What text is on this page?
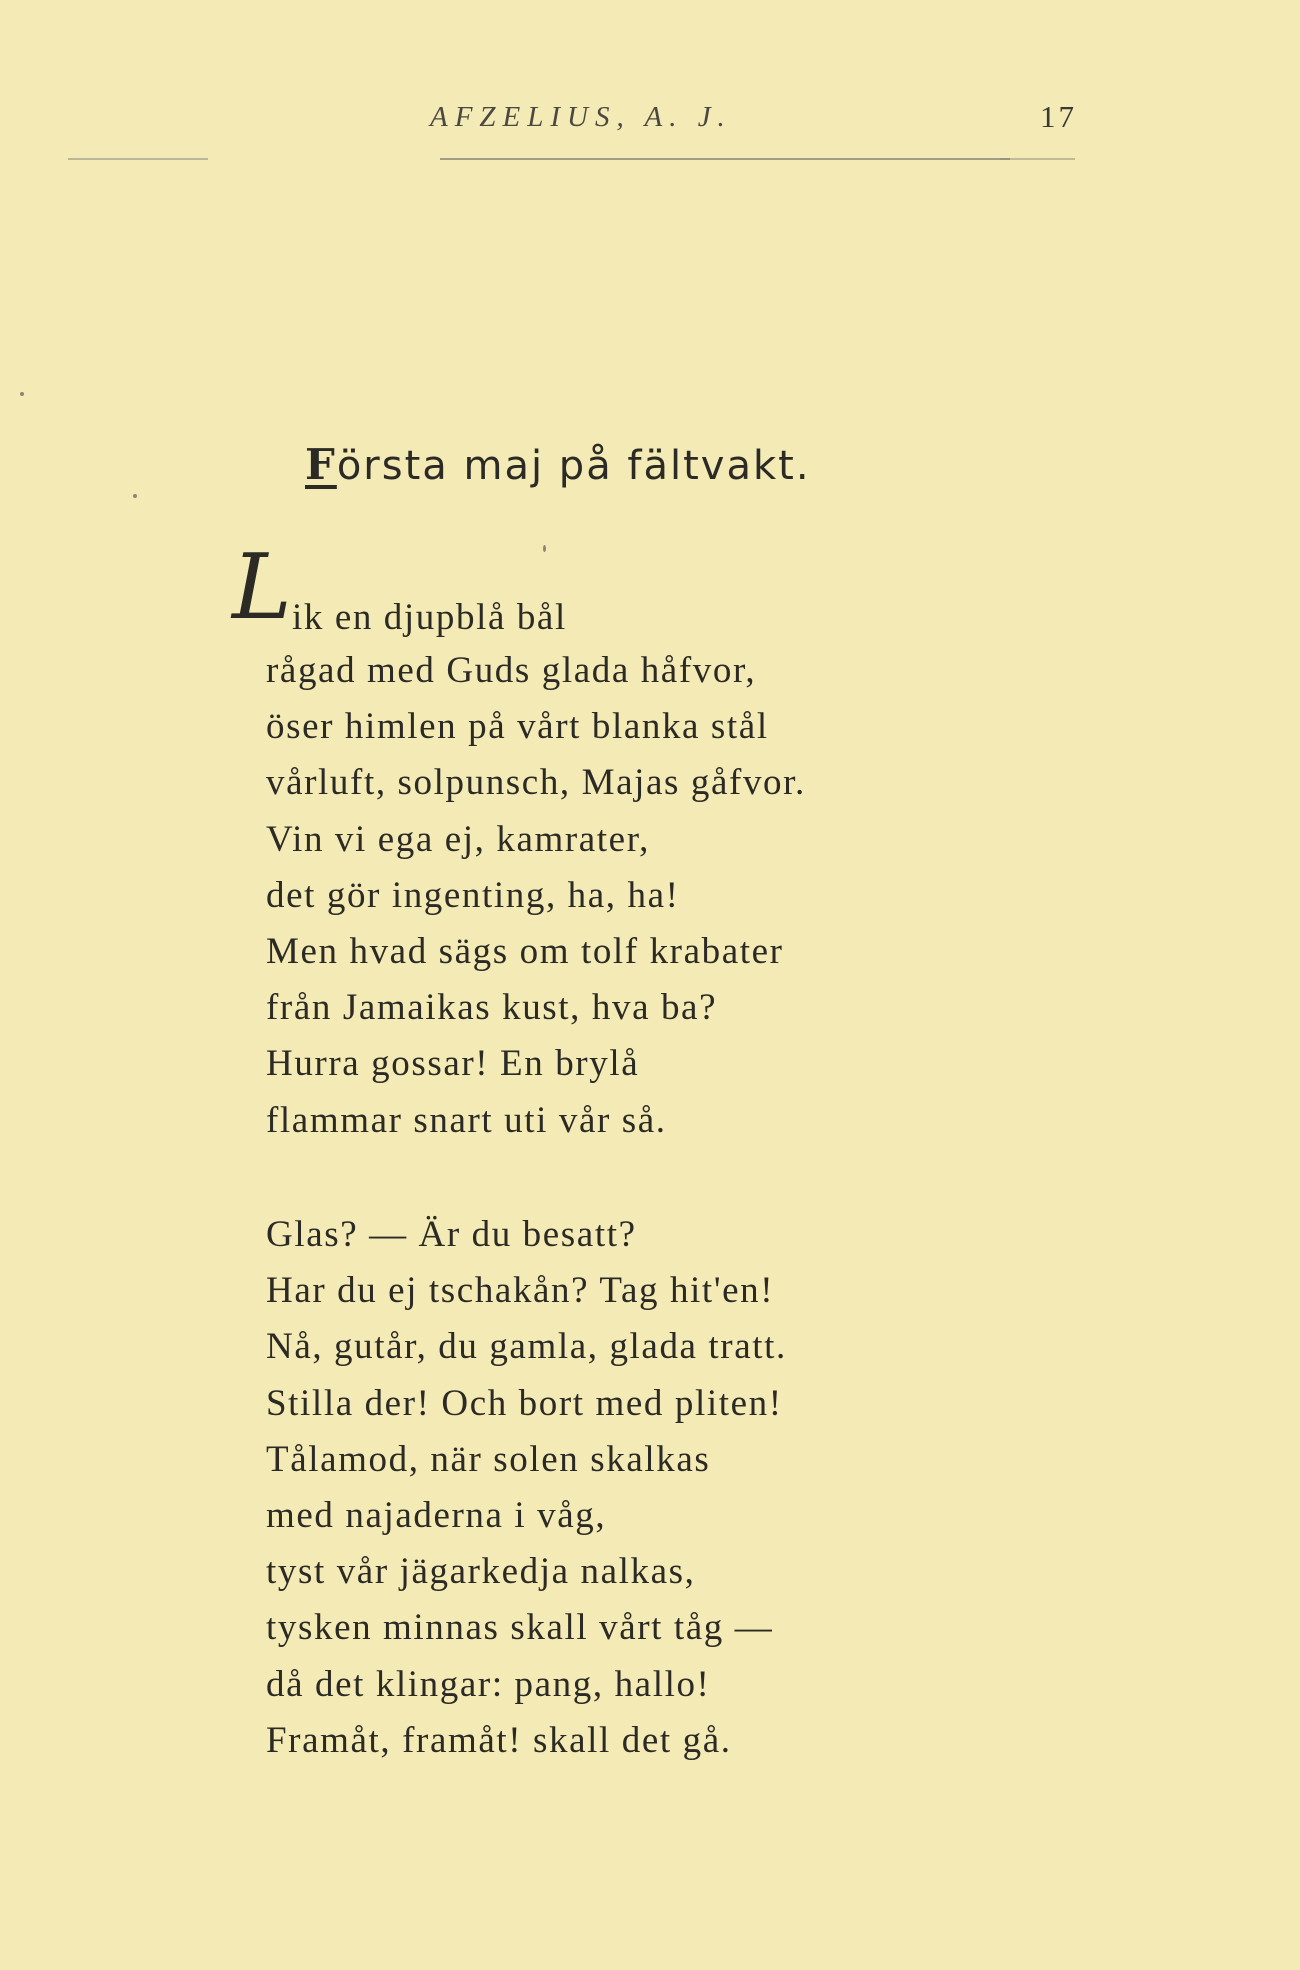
AFZELIUS, A. J.	17
Första maj på fältvakt.
L ik en djupblå bål
rågad med Guds glada håfvor,
öser himlen på vårt blanka stål
vårluft, solpunsch, Majas gåfvor.
Vin vi ega ej, kamrater,
det gör ingenting, ha, ha!
Men hvad sägs om tolf krabater
från Jamaikas kust, hva ba?
Hurra gossar! En brylå
flammar snart uti vår så.
Glas? — Är du besatt?
Har du ej tschakån? Tag hit'en!
Nå, gutår, du gamla, glada tratt.
Stilla der! Och bort med pliten!
Tålamod, när solen skalkas
med najaderna i våg,
tyst vår jägarkedja nalkas,
tysken minnas skall vårt tåg —
då det klingar: pang, hallo!
Framåt, framåt! skall det gå.
